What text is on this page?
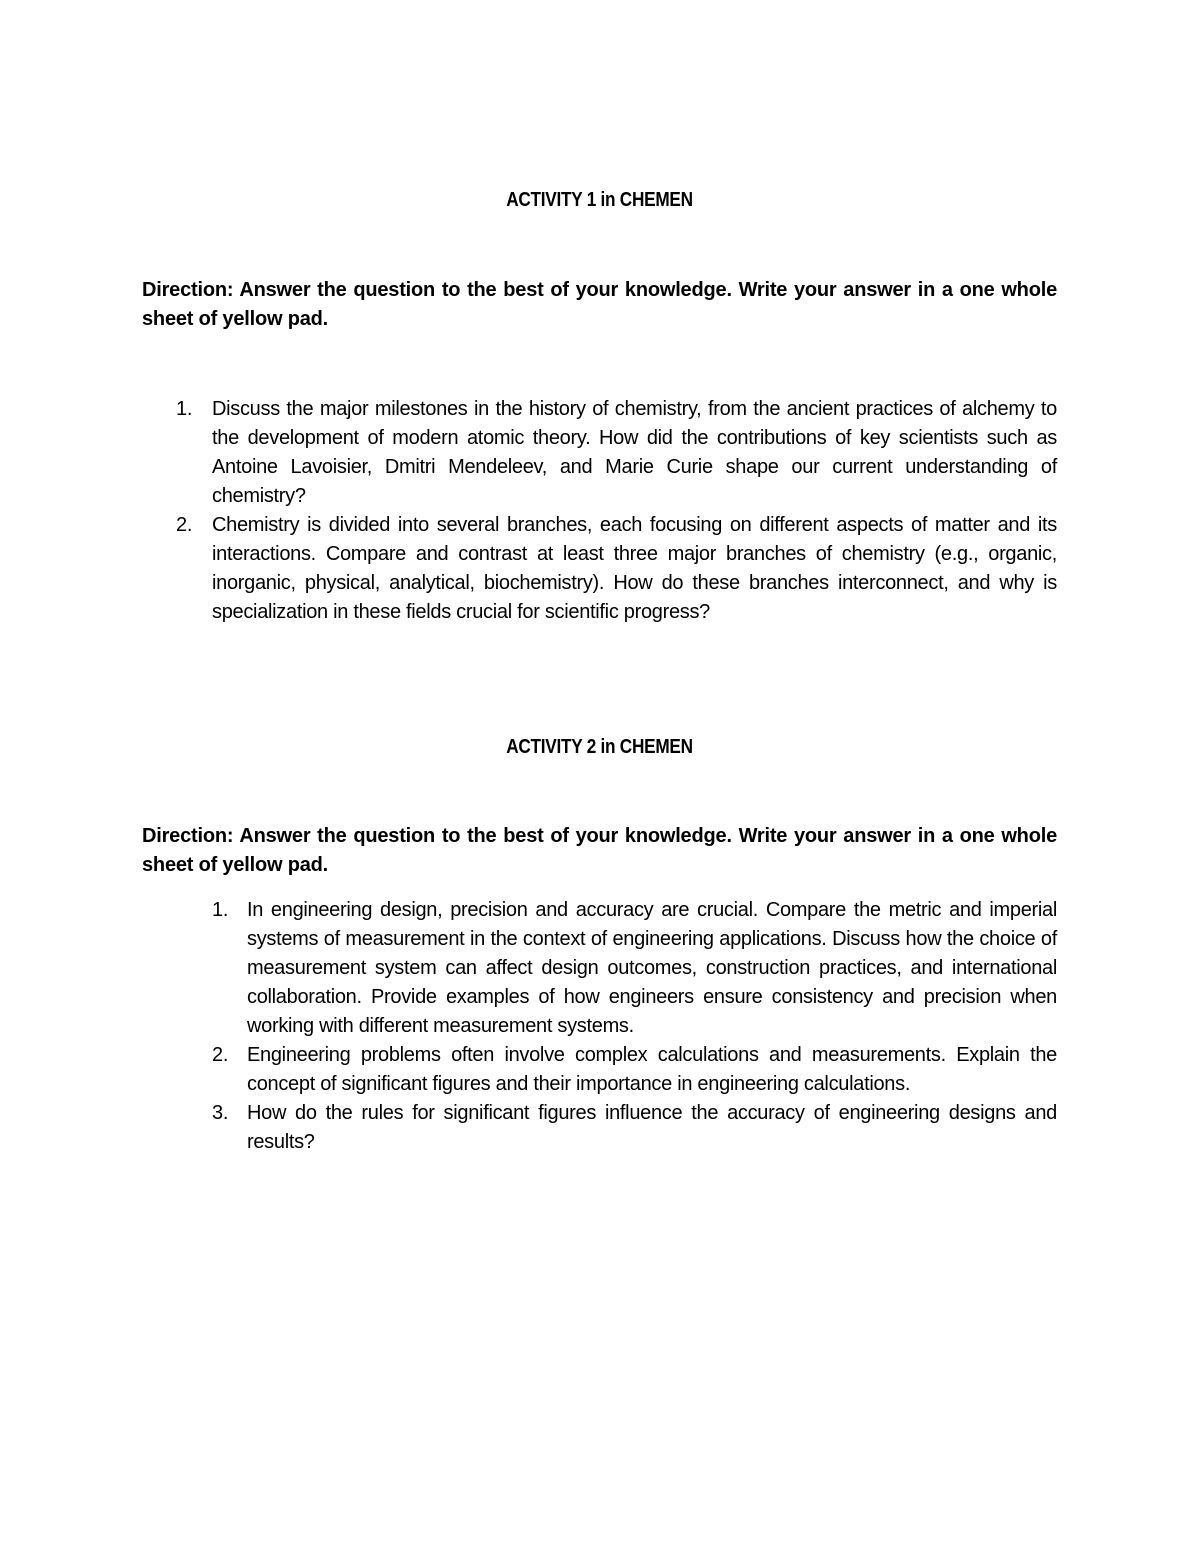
ACTIVITY 1 in CHEMEN

Direction: Answer the question to the best of your knowledge. Write your answer in a one whole sheet of yellow pad.

1. Discuss the major milestones in the history of chemistry, from the ancient practices of alchemy to the development of modern atomic theory. How did the contributions of key scientists such as Antoine Lavoisier, Dmitri Mendeleev, and Marie Curie shape our current understanding of chemistry?
2. Chemistry is divided into several branches, each focusing on different aspects of matter and its interactions. Compare and contrast at least three major branches of chemistry (e.g., organic, inorganic, physical, analytical, biochemistry). How do these branches interconnect, and why is specialization in these fields crucial for scientific progress?
ACTIVITY 2 in CHEMEN

Direction: Answer the question to the best of your knowledge. Write your answer in a one whole sheet of yellow pad.

1. In engineering design, precision and accuracy are crucial. Compare the metric and imperial systems of measurement in the context of engineering applications. Discuss how the choice of measurement system can affect design outcomes, construction practices, and international collaboration. Provide examples of how engineers ensure consistency and precision when working with different measurement systems.
2. Engineering problems often involve complex calculations and measurements. Explain the concept of significant figures and their importance in engineering calculations.
3. How do the rules for significant figures influence the accuracy of engineering designs and results?
